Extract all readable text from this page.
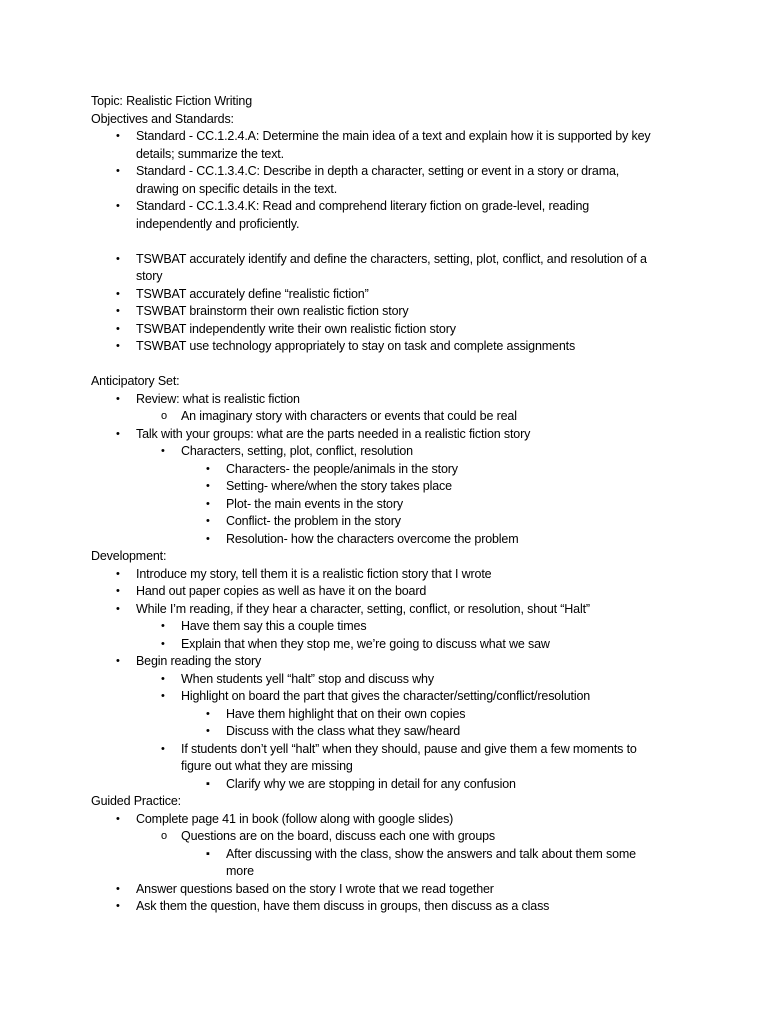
Topic: Realistic Fiction Writing

Objectives and Standards:

• Standard - CC.1.2.4.A: Determine the main idea of a text and explain how it is supported by key
details; summarize the text.
• Standard - CC.1.3.4.C: Describe in depth a character, setting or event in a story or drama,
drawing on specific details in the text.
• Standard - CC.1.3.4.K: Read and comprehend literary fiction on grade-level, reading
independently and proficiently.
• TSWBAT accurately identify and define the characters, setting, plot, conflict, and resolution of a
story
• TSWBAT accurately define “realistic fiction”
• TSWBAT brainstorm their own realistic fiction story
• TSWBAT independently write their own realistic fiction story
• TSWBAT use technology appropriately to stay on task and complete assignments

Anticipatory Set:

• Review: what is realistic fiction
o An imaginary story with characters or events that could be real
• Talk with your groups: what are the parts needed in a realistic fiction story
• Characters, setting, plot, conflict, resolution
• Characters- the people/animals in the story
• Setting- where/when the story takes place
• Plot- the main events in the story
• Conflict- the problem in the story
• Resolution- how the characters overcome the problem

Development:

• Introduce my story, tell them it is a realistic fiction story that I wrote
• Hand out paper copies as well as have it on the board
• While I’m reading, if they hear a character, setting, conflict, or resolution, shout “Halt”
• Have them say this a couple times
• Explain that when they stop me, we’re going to discuss what we saw
• Begin reading the story
• When students yell “halt” stop and discuss why
• Highlight on board the part that gives the character/setting/conflict/resolution
• Have them highlight that on their own copies
• Discuss with the class what they saw/heard
• If students don’t yell “halt” when they should, pause and give them a few moments to
figure out what they are missing
▪ Clarify why we are stopping in detail for any confusion

Guided Practice:

• Complete page 41 in book (follow along with google slides)
o Questions are on the board, discuss each one with groups
▪ After discussing with the class, show the answers and talk about them some
more
• Answer questions based on the story I wrote that we read together
• Ask them the question, have them discuss in groups, then discuss as a class
